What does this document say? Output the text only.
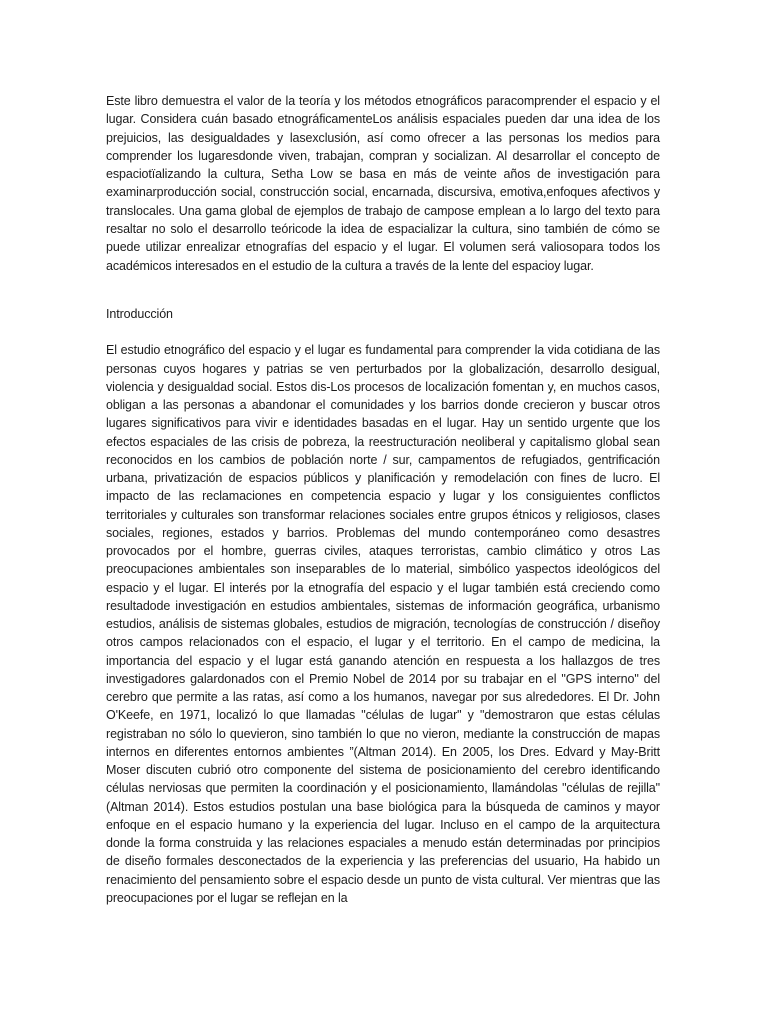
Este libro demuestra el valor de la teoría y los métodos etnográficos paracomprender el espacio y el lugar. Considera cuán basado etnográficamenteLos análisis espaciales pueden dar una idea de los prejuicios, las desigualdades y lasexclusión, así como ofrecer a las personas los medios para comprender los lugaresdonde viven, trabajan, compran y socializan. Al desarrollar el concepto de espaciotïalizando la cultura, Setha Low se basa en más de veinte años de investigación para examinarproducción social, construcción social, encarnada, discursiva, emotiva,enfoques afectivos y translocales. Una gama global de ejemplos de trabajo de camposе emplean a lo largo del texto para resaltar no solo el desarrollo teóricode la idea de espacializar la cultura, sino también de cómo se puede utilizar enrealizar etnografías del espacio y el lugar. El volumen será valiosopara todos los académicos interesados en el estudio de la cultura a través de la lente del espacioy lugar.

Introducción

El estudio etnográfico del espacio y el lugar es fundamental para comprender la vida cotidiana de las personas cuyos hogares y patrias se ven perturbados por la globalización, desarrollo desigual, violencia y desigualdad social. Estos dis-Los procesos de localización fomentan y, en muchos casos, obligan a las personas a abandonar el comunidades y los barrios donde crecieron y buscar otros lugares significativos para vivir e identidades basadas en el lugar. Hay un sentido urgente que los efectos espaciales de las crisis de pobreza, la reestructuración neoliberal y capitalismo global sean reconocidos en los cambios de población norte / sur, campamentos de refugiados, gentrificación urbana, privatización de espacios públicos y planificación y remodelación con fines de lucro. El impacto de las reclamaciones en competencia espacio y lugar y los consiguientes conflictos territoriales y culturales son transformar relaciones sociales entre grupos étnicos y religiosos, clases sociales, regiones, estados y barrios. Problemas del mundo contemporáneo como desastres provocados por el hombre, guerras civiles, ataques terroristas, cambio climático y otros Las preocupaciones ambientales son inseparables de lo material, simbólico yaspectos ideológicos del espacio y el lugar. El interés por la etnografía del espacio y el lugar también está creciendo como resultadode investigación en estudios ambientales, sistemas de información geográfica, urbanismo estudios, análisis de sistemas globales, estudios de migración, tecnologías de construcción / diseñoy otros campos relacionados con el espacio, el lugar y el territorio. En el campo de medicina, la importancia del espacio y el lugar está ganando atención en respuesta a los hallazgos de tres investigadores galardonados con el Premio Nobel de 2014 por su trabajar en el "GPS interno" del cerebro que permite a las ratas, así como a los humanos, navegar por sus alrededores. El Dr. John O'Keefe, en 1971, localizó lo que llamadas "células de lugar" y "demostraron que estas células registraban no sólo lo quevieron, sino también lo que no vieron, mediante la construcción de mapas internos en diferentes entornos ambientes ”(Altman 2014). En 2005, los Dres. Edvard y May-Britt Moser discuten cubrió otro componente del sistema de posicionamiento del cerebro identificando células nerviosas que permiten la coordinación y el posicionamiento, llamándolas "células de rejilla"(Altman 2014). Estos estudios postulan una base biológica para la búsqueda de caminos y mayor enfoque en el espacio humano y la experiencia del lugar. Incluso en el campo de la arquitectura donde la forma construida y las relaciones espaciales a menudo están determinadas por principios de diseño formales desconectados de la experiencia y las preferencias del usuario, Ha habido un renacimiento del pensamiento sobre el espacio desde un punto de vista cultural. Ver mientras que las preocupaciones por el lugar se reflejan en la
